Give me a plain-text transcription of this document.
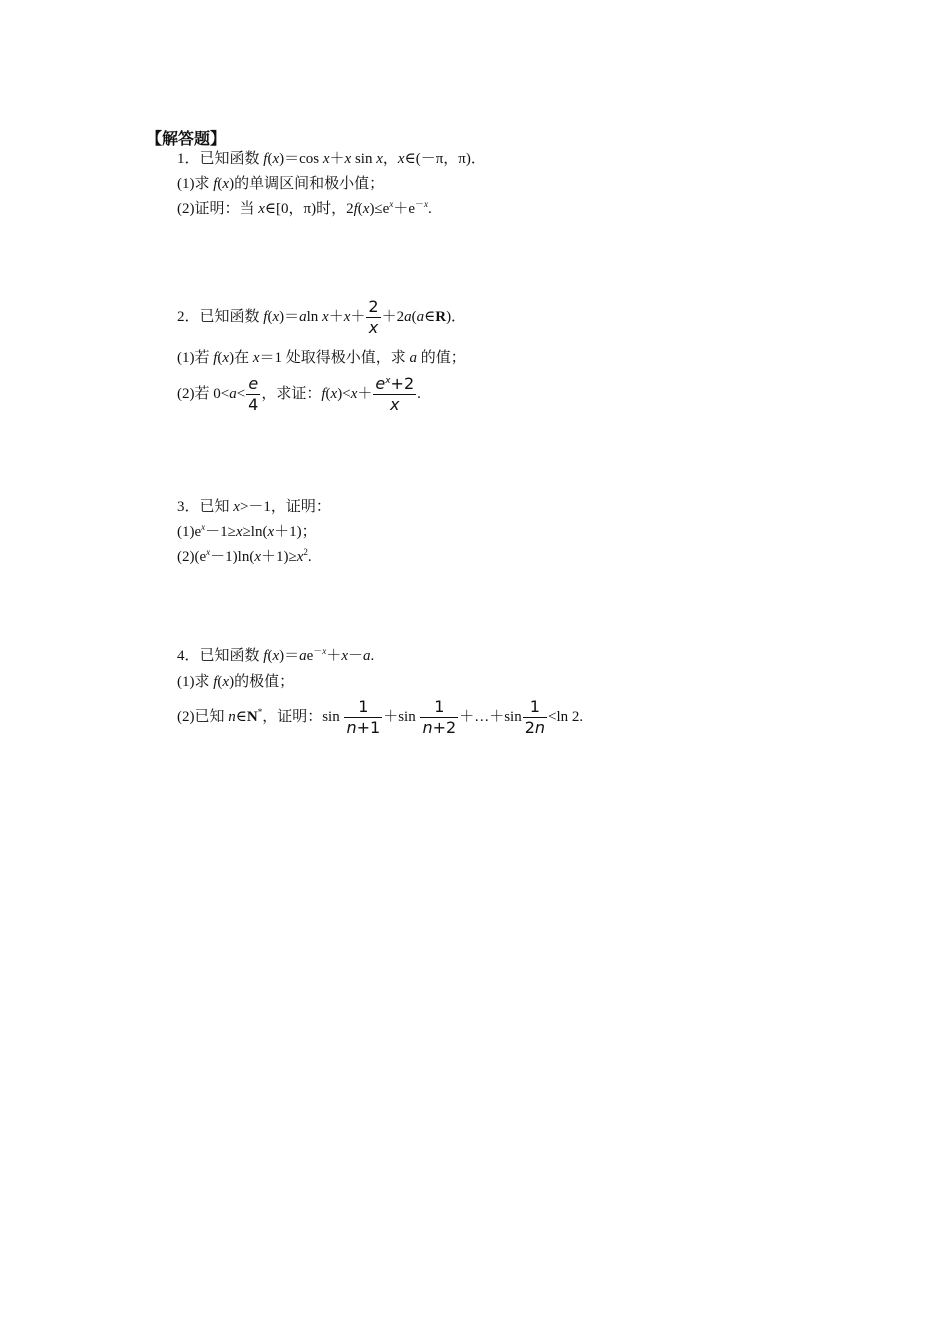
【解答题】
1．已知函数 f(x)＝cos x＋x sin x，x∈(－π，π)．
(1)求 f(x)的单调区间和极小值；
(2)证明：当 x∈[0，π)时，$2f(x)\le e^x+e^{-x}$.
2．已知函数 f(x)＝aln $x+x+ \frac{2}{x}$ ＋2a(a∈R)．
(1)若 f(x)在 x＝1 处取得极小值，求 a 的值；
(2)若 $0<a< \frac{e}{4}$ ，求证：$f(x)<x+ \frac{e^x+2}{x}$ .
3．已知 x>－1，证明：
$(1)e^x-1\ge x\ge\ln(x+1)$；
$(2)(e^x-1)\ln(x+1)\ge x^2$.
4．已知函数 $f(x)=ae^{-x}+x-a$.
(1)求 f(x)的极值；
(2)已知 n∈N*，证明：$\sin \frac{1}{n+1} +\sin \frac{1}{n+2}$ ＋…＋sin $\frac{1}{2n} <\ln$ 2.
